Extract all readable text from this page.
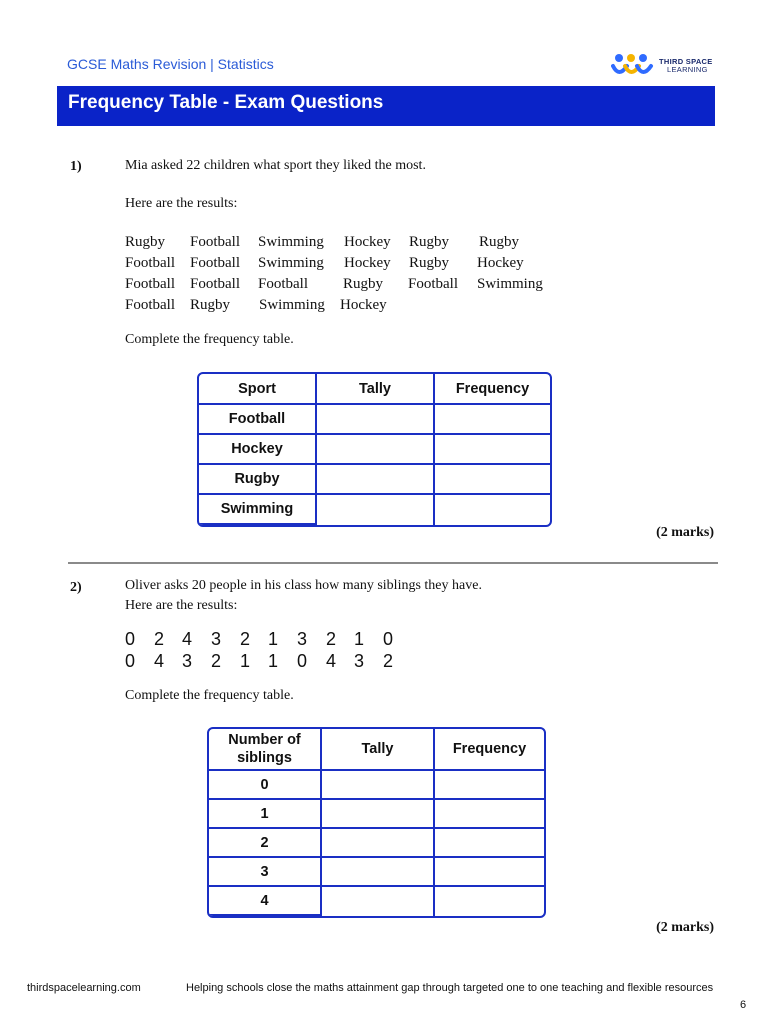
GCSE Maths Revision | Statistics	THIRD SPACE
LEARNING
Frequency Table - Exam Questions
1)	Mia asked 22 children what sport they liked the most.
Here are the results:
Rugby Football Swimming Hockey Rugby Rugby
Football Football Swimming Hockey Rugby Hockey
Football Football Football Rugby Football Swimming
Football Rugby Swimming Hockey
Complete the frequency table.
Sport	Tally	Frequency
Football		
Hockey		
Rugby		
Swimming		
(2 marks)
2)	Oliver asks 20 people in his class how many siblings they have.
Here are the results:
0 2 4 3 2 1 3 2 1 0
0 4 3 2 1 1 0 4 3 2
Complete the frequency table.
Number of siblings	Tally	Frequency
0		
1		
2		
3		
4		
(2 marks)
thirdspacelearning.com	Helping schools close the maths attainment gap through targeted one to one teaching and flexible resources
6
